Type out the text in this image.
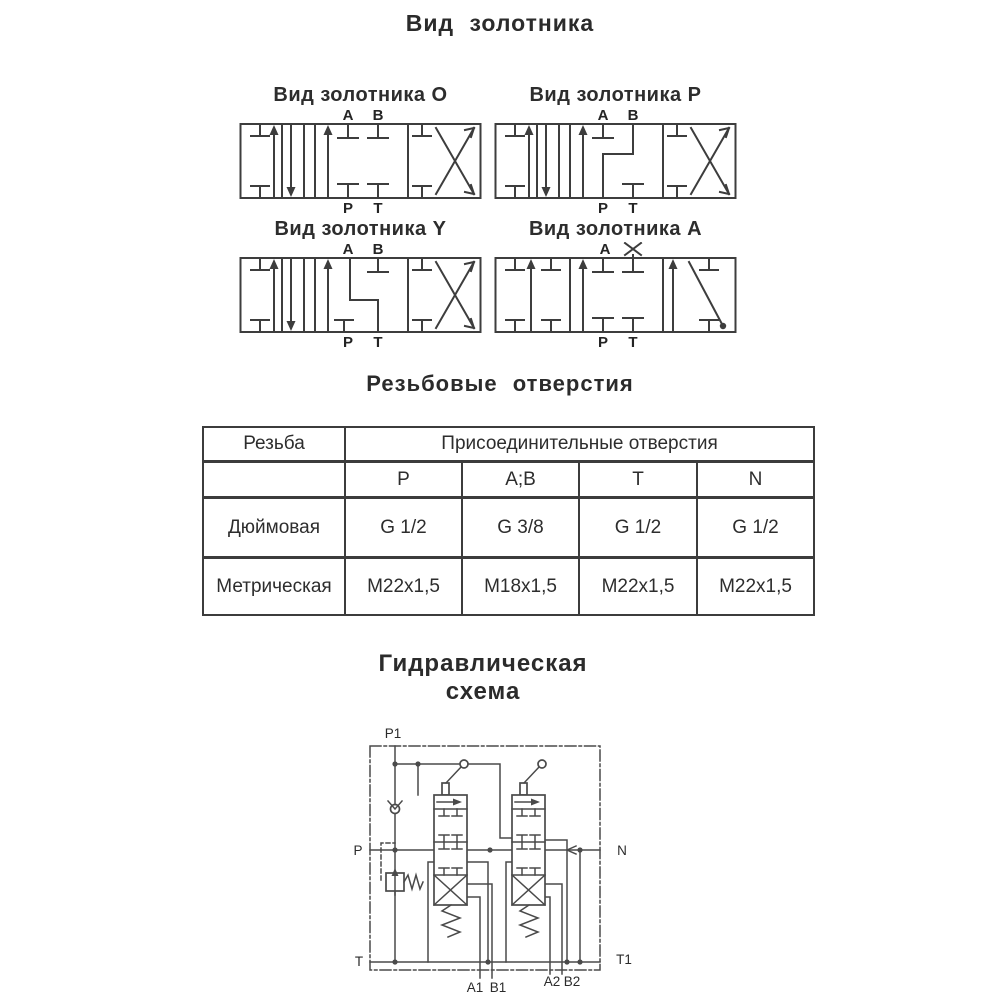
Вид золотника
Вид золотника О
A B
P T
Вид золотника Р
A B
P T
Вид золотника Y
A B
P T
Вид золотника А
A
P T
Резьбовые отверстия
Резьба	Присоединительные отверстия			
	P	A;B	T	N
Дюймовая	G 1/2	G 3/8	G 1/2	G 1/2
Метрическая	M22x1,5	M18x1,5	M22x1,5	M22x1,5
Гидравлическая схема
P1
P	N
T	T1
A1 B1	A2 B2
